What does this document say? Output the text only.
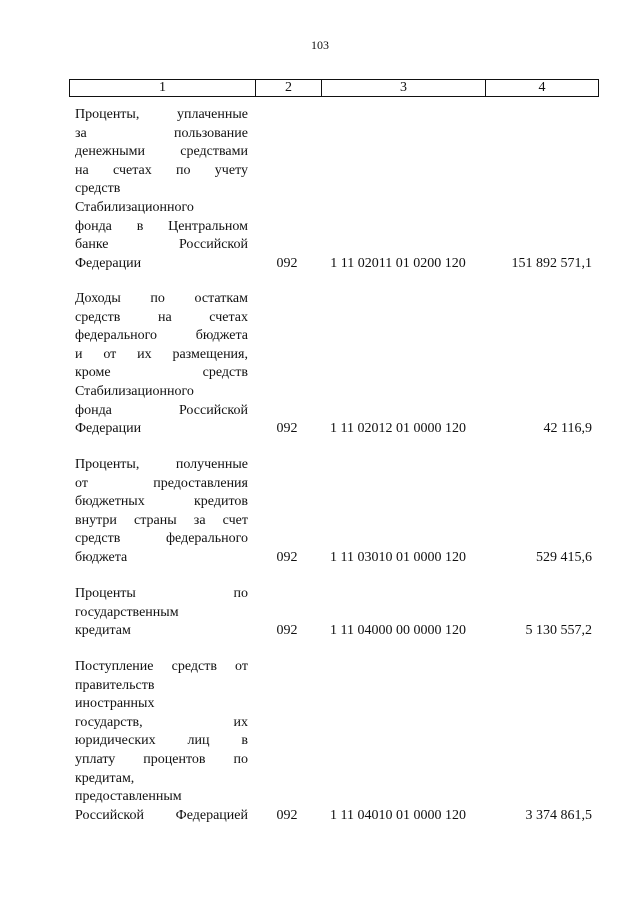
103
1	2	3	4
Проценты, уплаченные
за пользование
денежными средствами
на счетах по учету
средств
Стабилизационного
фонда в Центральном
банке Российской
Федерации	092	1 11 02011 01 0200 120	151 892 571,1
Доходы по остаткам
средств на счетах
федерального бюджета
и от их размещения,
кроме средств
Стабилизационного
фонда Российской
Федерации	092	1 11 02012 01 0000 120	42 116,9
Проценты, полученные
от предоставления
бюджетных кредитов
внутри страны за счет
средств федерального
бюджета	092	1 11 03010 01 0000 120	529 415,6
Проценты по
государственным
кредитам	092	1 11 04000 00 0000 120	5 130 557,2
Поступление средств от
правительств
иностранных
государств, их
юридических лиц в
уплату процентов по
кредитам,
предоставленным
Российской Федерацией	092	1 11 04010 01 0000 120	3 374 861,5
